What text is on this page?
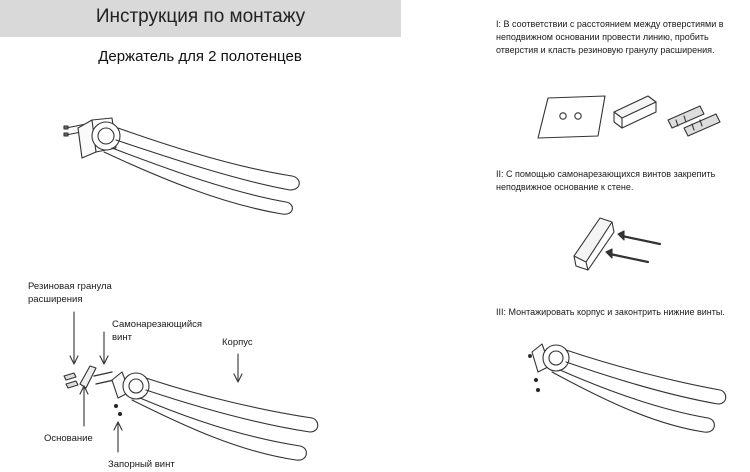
Инструкция по монтажу
Держатель для 2 полотенцев
Резиновая гранула расширения
Самонарезающийся винт	Корпус
Основание
Запорный винт
I: В соответствии с расстоянием между отверстиями в неподвижном основании провести линию, пробить отверстия и класть резиновую гранулу расширения.
II: С помощью самонарезающихся винтов закрепить неподвижное основание к стене.
III: Монтажировать корпус и законтрить нижние винты.
